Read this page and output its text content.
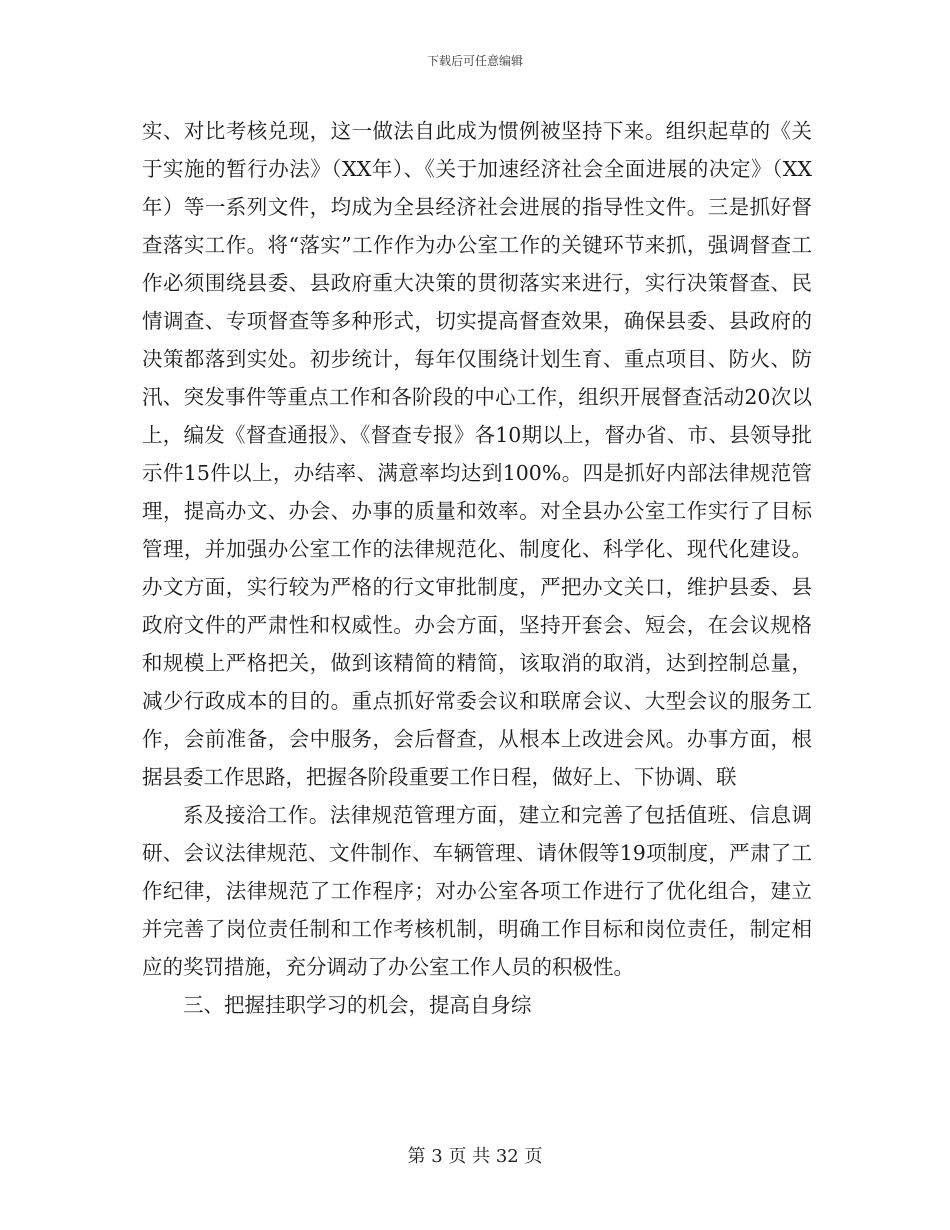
下载后可任意编辑

实、对比考核兑现，这一做法自此成为惯例被坚持下来。组织起草的《关于实施的暂行办法》（XX年）、《关于加速经济社会全面进展的决定》（XX年）等一系列文件，均成为全县经济社会进展的指导性文件。三是抓好督查落实工作。将“落实”工作作为办公室工作的关键环节来抓，强调督查工作必须围绕县委、县政府重大决策的贯彻落实来进行，实行决策督查、民情调查、专项督查等多种形式，切实提高督查效果，确保县委、县政府的决策都落到实处。初步统计，每年仅围绕计划生育、重点项目、防火、防汛、突发事件等重点工作和各阶段的中心工作，组织开展督查活动20次以上，编发《督查通报》、《督查专报》各10期以上，督办省、市、县领导批示件15件以上，办结率、满意率均达到100%。四是抓好内部法律规范管理，提高办文、办会、办事的质量和效率。对全县办公室工作实行了目标管理，并加强办公室工作的法律规范化、制度化、科学化、现代化建设。办文方面，实行较为严格的行文审批制度，严把办文关口，维护县委、县政府文件的严肃性和权威性。办会方面，坚持开套会、短会，在会议规格和规模上严格把关，做到该精简的精简，该取消的取消，达到控制总量，减少行政成本的目的。重点抓好常委会议和联席会议、大型会议的服务工作，会前准备，会中服务，会后督查，从根本上改进会风。办事方面，根据县委工作思路，把握各阶段重要工作日程，做好上、下协调、联

系及接洽工作。法律规范管理方面，建立和完善了包括值班、信息调研、会议法律规范、文件制作、车辆管理、请休假等19项制度，严肃了工作纪律，法律规范了工作程序；对办公室各项工作进行了优化组合，建立并完善了岗位责任制和工作考核机制，明确工作目标和岗位责任，制定相应的奖罚措施，充分调动了办公室工作人员的积极性。

三、把握挂职学习的机会，提高自身综

第 3 页 共 32 页
